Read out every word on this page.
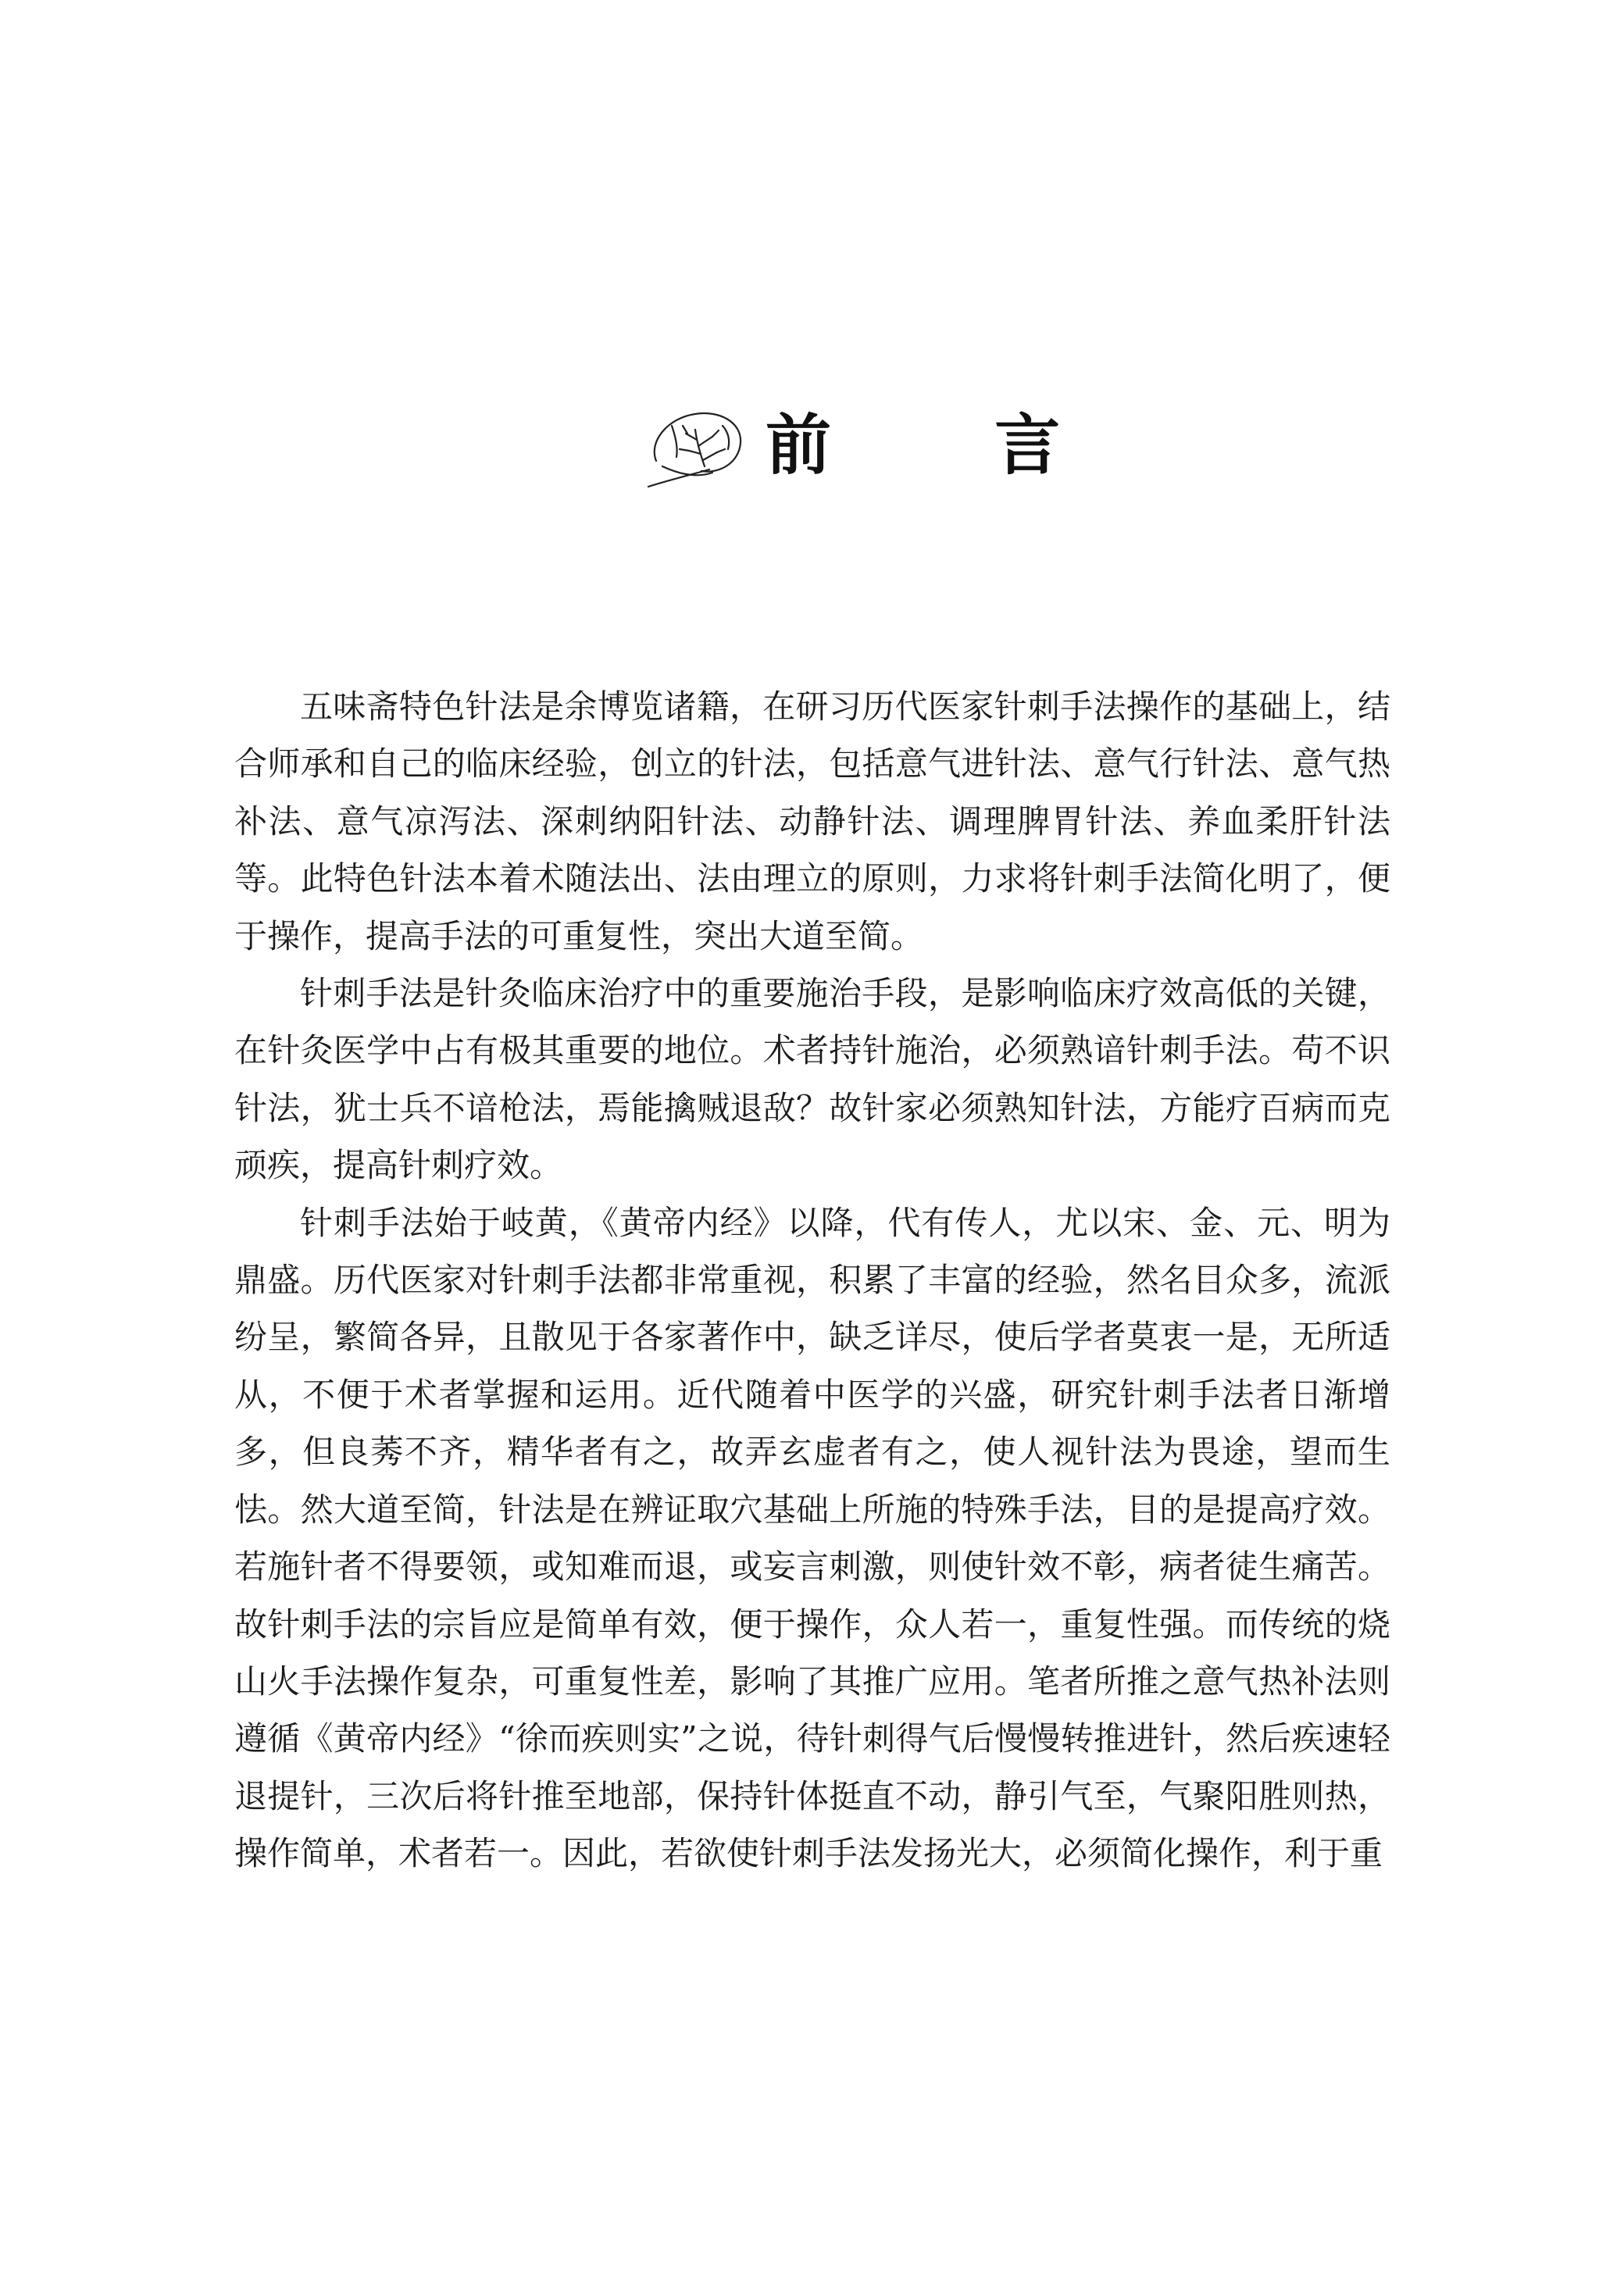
前 言

五味斋特色针法是余博览诸籍，在研习历代医家针刺手法操作的基础上，结合师承和自己的临床经验，创立的针法，包括意气进针法、意气行针法、意气热补法、意气凉泻法、深刺纳阳针法、动静针法、调理脾胃针法、养血柔肝针法等。此特色针法本着术随法出、法由理立的原则，力求将针刺手法简化明了，便于操作，提高手法的可重复性，突出大道至简。

针刺手法是针灸临床治疗中的重要施治手段，是影响临床疗效高低的关键，在针灸医学中占有极其重要的地位。术者持针施治，必须熟谙针刺手法。苟不识针法，犹士兵不谙枪法，焉能擒贼退敌？故针家必须熟知针法，方能疗百病而克顽疾，提高针刺疗效。

针刺手法始于岐黄，《黄帝内经》以降，代有传人，尤以宋、金、元、明为鼎盛。历代医家对针刺手法都非常重视，积累了丰富的经验，然名目众多，流派纷呈，繁简各异，且散见于各家著作中，缺乏详尽，使后学者莫衷一是，无所适从，不便于术者掌握和运用。近代随着中医学的兴盛，研究针刺手法者日渐增多，但良莠不齐，精华者有之，故弄玄虚者有之，使人视针法为畏途，望而生怯。然大道至简，针法是在辨证取穴基础上所施的特殊手法，目的是提高疗效。若施针者不得要领，或知难而退，或妄言刺激，则使针效不彰，病者徒生痛苦。故针刺手法的宗旨应是简单有效，便于操作，众人若一，重复性强。而传统的烧山火手法操作复杂，可重复性差，影响了其推广应用。笔者所推之意气热补法则遵循《黄帝内经》“徐而疾则实”之说，待针刺得气后慢慢转推进针，然后疾速轻退提针，三次后将针推至地部，保持针体挺直不动，静引气至，气聚阳胜则热，操作简单，术者若一。因此，若欲使针刺手法发扬光大，必须简化操作，利于重
